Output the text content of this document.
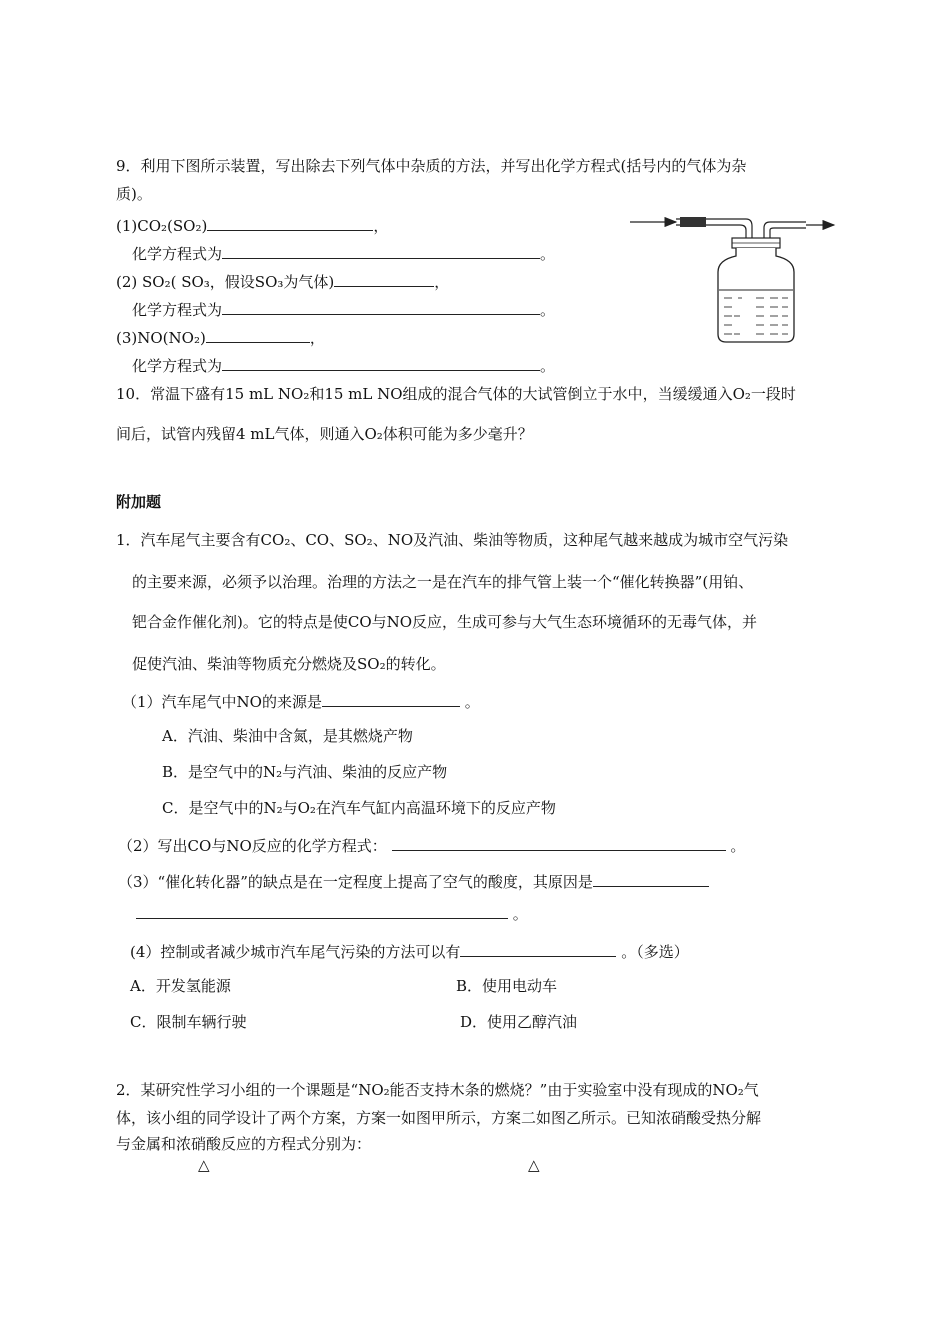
9．利用下图所示装置，写出除去下列气体中杂质的方法，并写出化学方程式(括号内的气体为杂
质)。
(1)CO₂(SO₂)	，
化学方程式为	。
(2) SO₂( SO₃，假设SO₃为气体)	，
化学方程式为	。
(3)NO(NO₂)	，
化学方程式为	。
10．常温下盛有15 mL NO₂和15 mL NO组成的混合气体的大试管倒立于水中，当缓缓通入O₂一段时
间后，试管内残留4 mL气体，则通入O₂体积可能为多少毫升？
附加题
1．汽车尾气主要含有CO₂、CO、SO₂、NO及汽油、柴油等物质，这种尾气越来越成为城市空气污染
的主要来源，必须予以治理。治理的方法之一是在汽车的排气管上装一个“催化转换器”(用铂、
钯合金作催化剂)。它的特点是使CO与NO反应，生成可参与大气生态环境循环的无毒气体，并
促使汽油、柴油等物质充分燃烧及SO₂的转化。
（1）汽车尾气中NO的来源是	。
A．汽油、柴油中含氮，是其燃烧产物
B．是空气中的N₂与汽油、柴油的反应产物
C．是空气中的N₂与O₂在汽车气缸内高温环境下的反应产物
（2）写出CO与NO反应的化学方程式：	。
（3）“催化转化器”的缺点是在一定程度上提高了空气的酸度，其原因是
。
(4）控制或者减少城市汽车尾气污染的方法可以有	。（多选）
A．开发氢能源	B．使用电动车
C．限制车辆行驶	D．使用乙醇汽油
2．某研究性学习小组的一个课题是“NO₂能否支持木条的燃烧？”由于实验室中没有现成的NO₂气
体，该小组的同学设计了两个方案，方案一如图甲所示，方案二如图乙所示。已知浓硝酸受热分解
与金属和浓硝酸反应的方程式分别为：
△	△
